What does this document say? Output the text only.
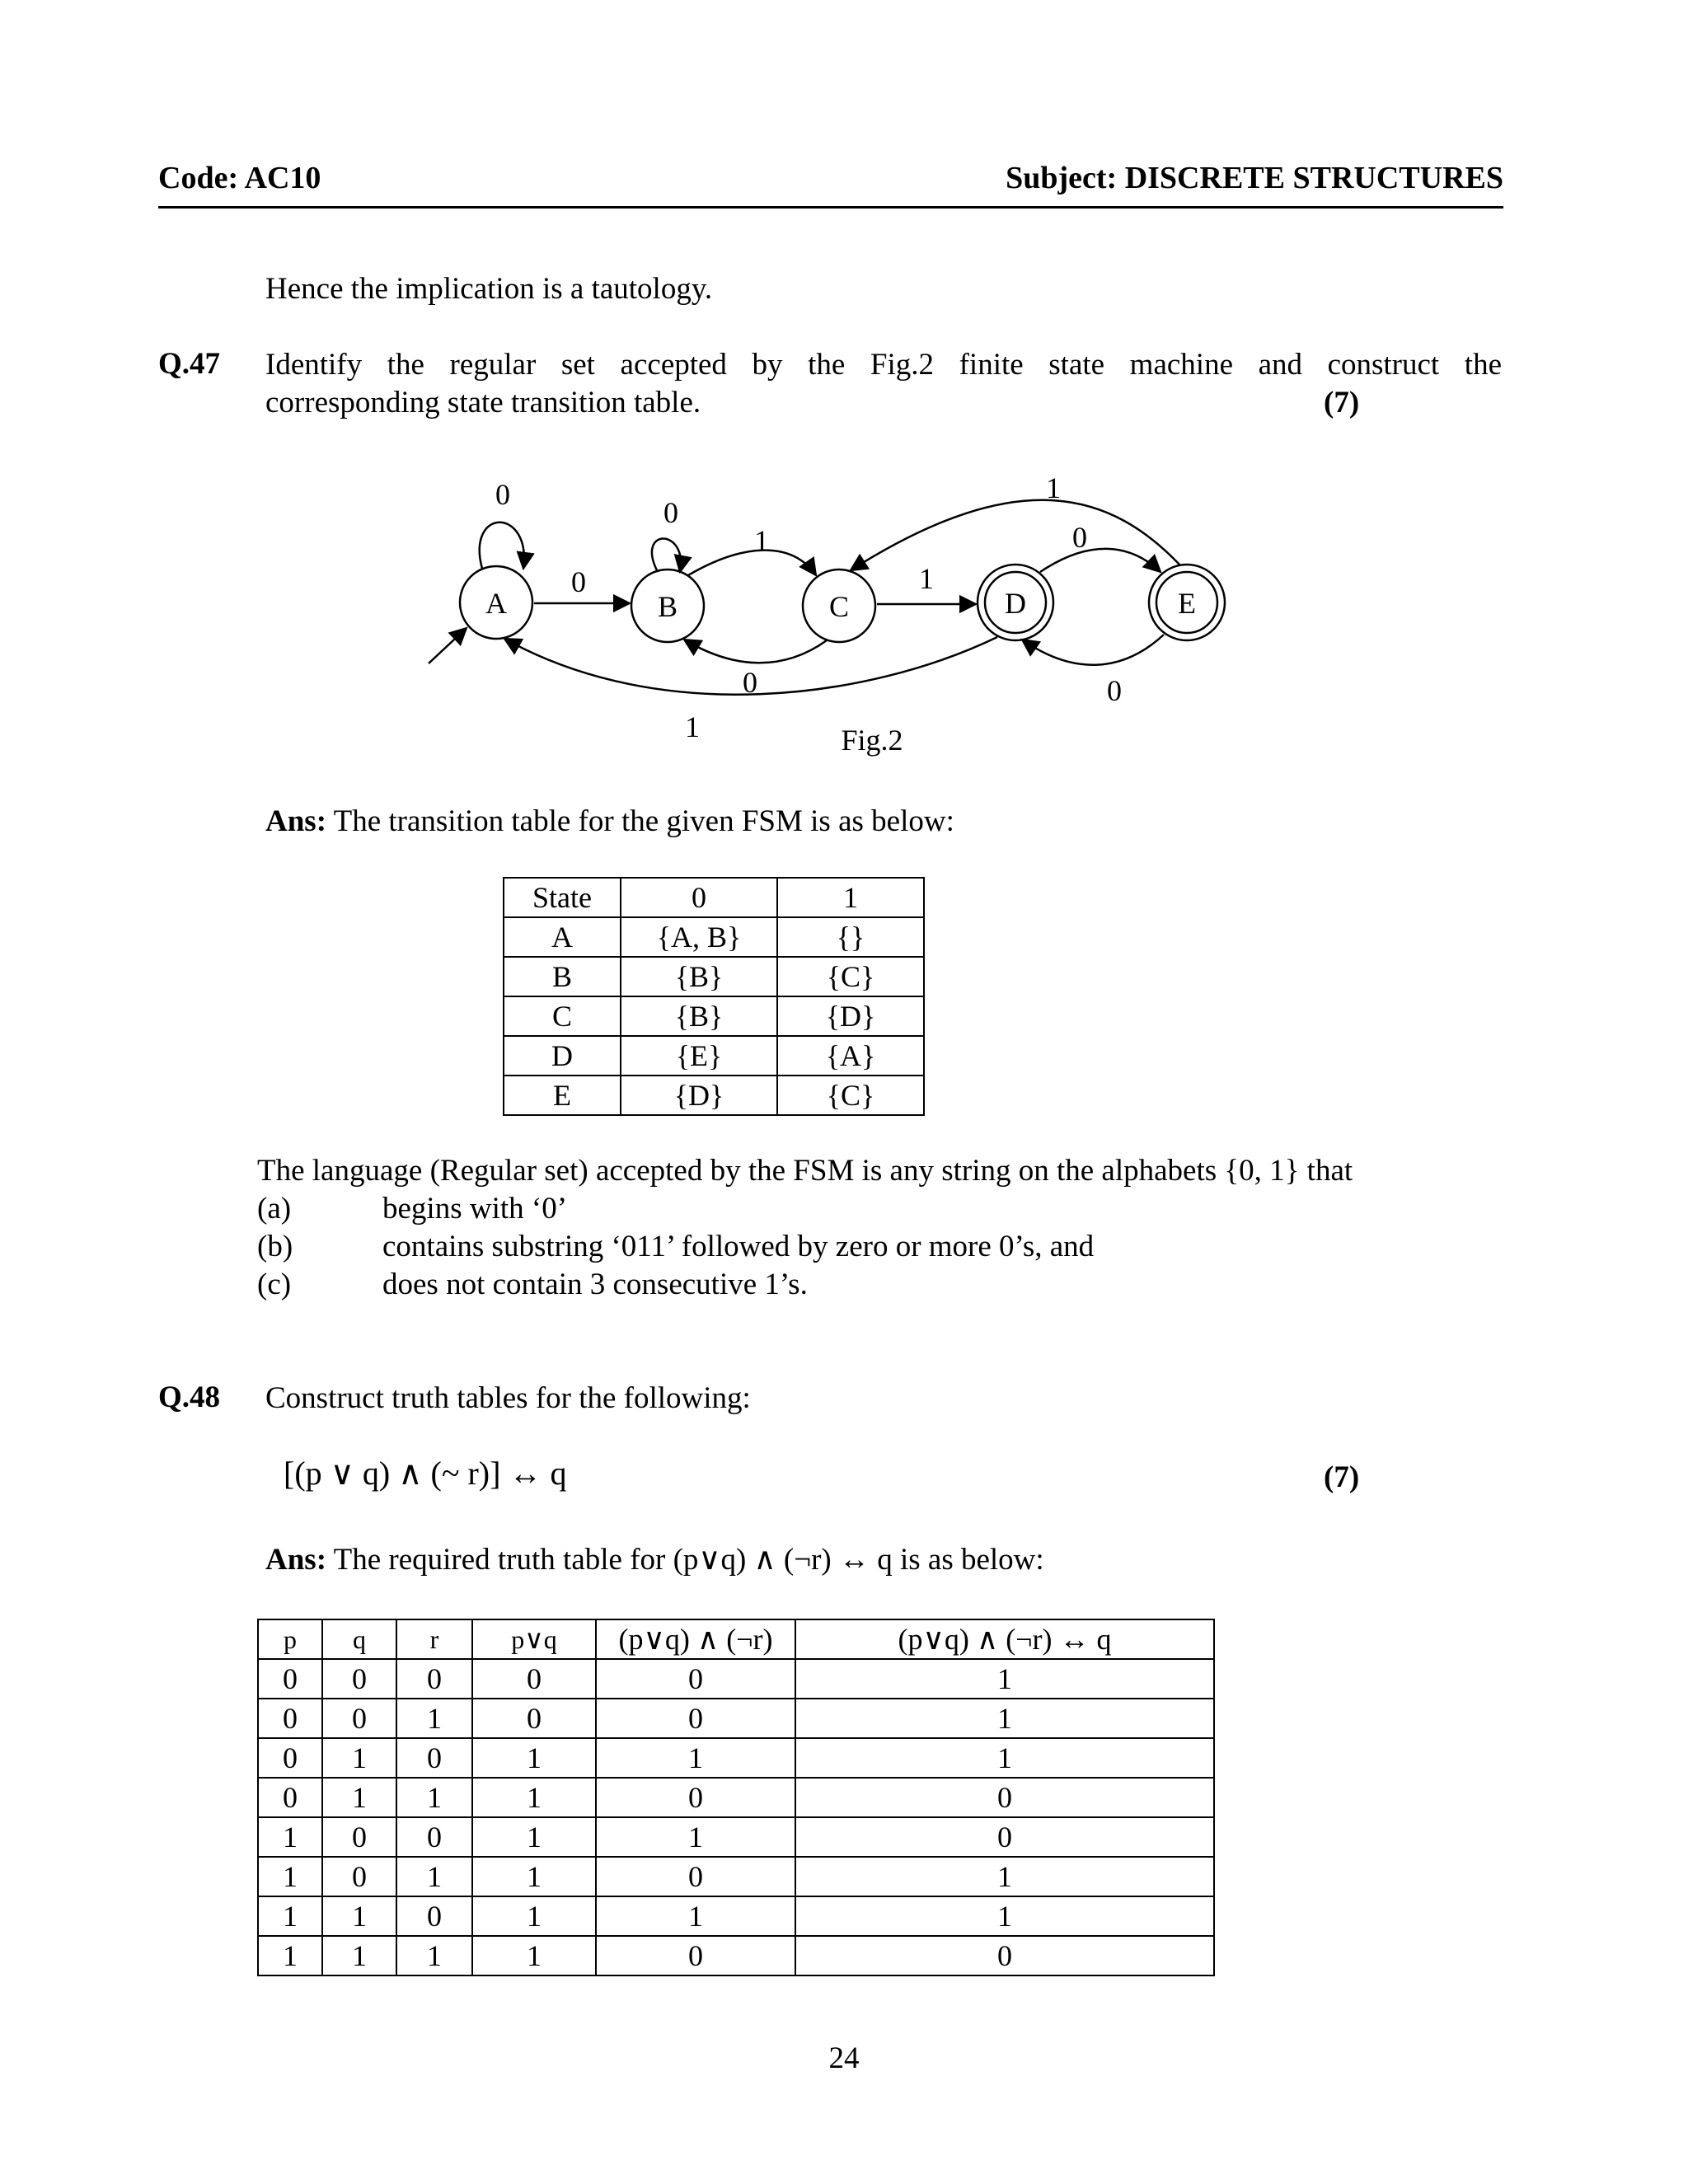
Code: AC10	Subject: DISCRETE STRUCTURES
Hence the implication is a tautology.
Q.47 Identify the regular set accepted by the Fig.2 finite state machine and construct the
corresponding state transition table.	(7)
A	B	C	D	E
0
0
0
1
0
1
0
0
1
1	Fig.2
Ans: The transition table for the given FSM is as below:
State	0	1
A	{A, B}	{}
B	{B}	{C}
C	{B}	{D}
D	{E}	{A}
E	{D}	{C}
The language (Regular set) accepted by the FSM is any string on the alphabets {0, 1} that
(a)	begins with ‘0’
(b)	contains substring ‘011’ followed by zero or more 0’s, and
(c)	does not contain 3 consecutive 1’s.
Q.48 Construct truth tables for the following:
[(p ∨ q) ∧ (~ r)] ↔ q	(7)
Ans: The required truth table for (p∨q) ∧ (¬r) ↔ q is as below:
p	q	r	p∨q	(p∨q) ∧ (¬r)	(p∨q) ∧ (¬r) ↔ q
0	0	0	0	0	1
0	0	1	0	0	1
0	1	0	1	1	1
0	1	1	1	0	0
1	0	0	1	1	0
1	0	1	1	0	1
1	1	0	1	1	1
1	1	1	1	0	0
24
